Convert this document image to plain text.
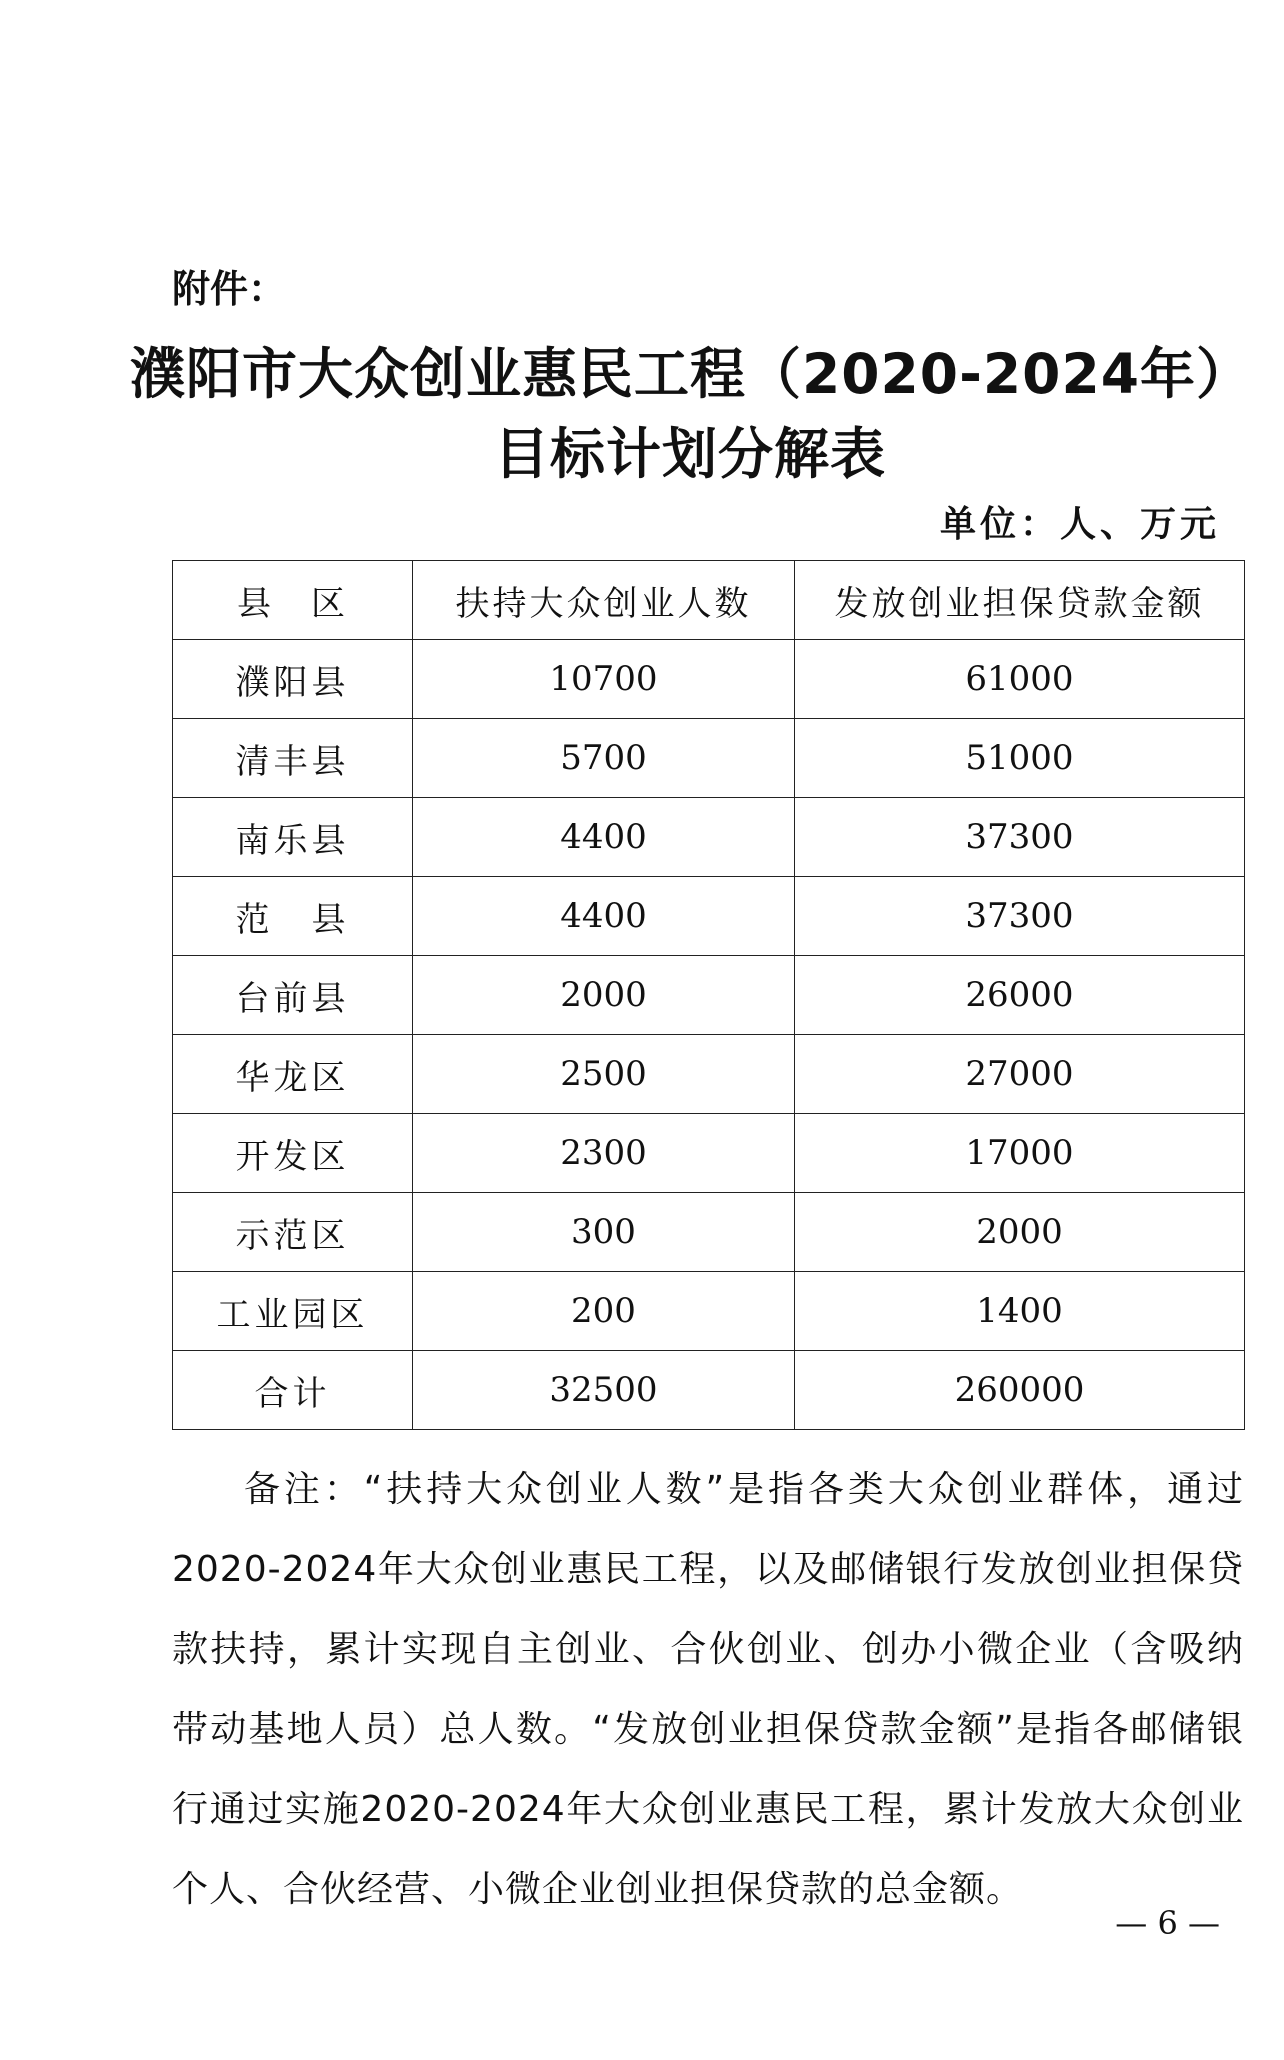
附件：
濮阳市大众创业惠民工程（2020-2024年）
目标计划分解表
单位：人、万元
县　区	扶持大众创业人数	发放创业担保贷款金额
濮阳县	10700	61000
清丰县	5700	51000
南乐县	4400	37300
范　县	4400	37300
台前县	2000	26000
华龙区	2500	27000
开发区	2300	17000
示范区	300	2000
工业园区	200	1400
合计	32500	260000
备注：“扶持大众创业人数”是指各类大众创业群体，通过2020-2024年大众创业惠民工程，以及邮储银行发放创业担保贷款扶持，累计实现自主创业、合伙创业、创办小微企业（含吸纳带动基地人员）总人数。“发放创业担保贷款金额”是指各邮储银行通过实施2020-2024年大众创业惠民工程，累计发放大众创业个人、合伙经营、小微企业创业担保贷款的总金额。
— 6 —
